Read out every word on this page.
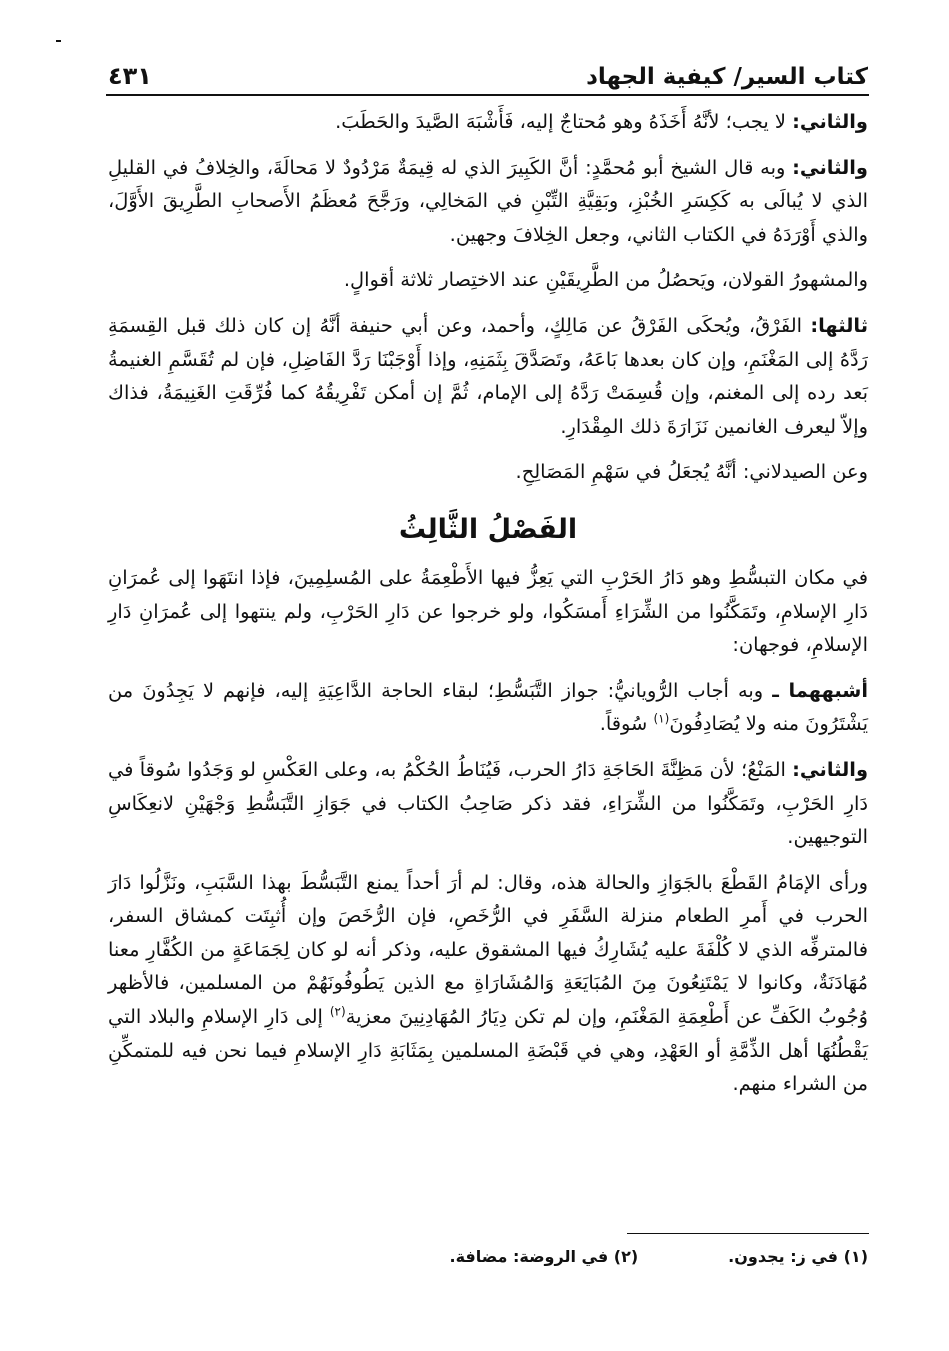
كتاب السير/ كيفية الجهاد
٤٣١

والثاني: لا يجب؛ لأنَّهُ أَخَذَهُ وهو مُحتاجٌ إليه، فَأَشْبَهَ الصَّيدَ والحَطَبَ.

والثاني: وبه قال الشيخ أبو مُحمَّدٍ: أنَّ الكَبِيرَ الذي له قِيمَةٌ مَرْدُودٌ لا مَحالَةَ، والخِلافُ في القليلِ الذي لا يُبالَى به كَكِسَرِ الخُبْزِ، وبَقِيَّةِ التِّبْنِ في المَخالِي، ورَجَّحَ مُعظَمُ الأَصحابِ الطَّرِيقَ الأَوَّلَ، والذي أَوْرَدَهُ في الكتاب الثاني، وجعل الخِلافَ وجهين.

والمشهورُ القولان، ويَحصُلُ من الطَّرِيقَيْنِ عند الاختِصار ثلاثة أقوالٍ.

ثالثها: الفَرْقُ، ويُحكَى الفَرْقُ عن مَالِكٍ، وأحمد، وعن أبي حنيفة أنَّهُ إن كان ذلك قبل القِسمَةِ رَدَّهُ إلى المَغْنَمِ، وإن كان بعدها بَاعَهُ، وتَصَدَّقَ بِثَمَنِهِ، وإذا أَوْجَبْنَا رَدَّ الفَاضِلِ، فإن لم تُقَسَّمِ الغنيمةُ بَعد رده إلى المغنم، وإن قُسِمَتْ رَدَّهُ إلى الإمام، ثُمَّ إن أمكن تَفْرِيقُهُ كما فُرِّقَتِ الغَنِيمَةُ، فذاك وإلاّ ليعرف الغانمين نَزَارَةَ ذلك المِقْدَارِ.

وعن الصيدلاني: أنَّهُ يُجعَلُ في سَهْمِ المَصَالِحِ.

الفَصْلُ الثَّالِثُ

في مكان التبسُّطِ وهو دَارُ الحَرْبِ التي يَعِزُّ فيها الأَطْعِمَةُ على المُسلِمِينَ، فإذا انتَهَوا إلى عُمرَانِ دَارِ الإسلامِ، وتَمَكَّنُوا من الشِّرَاءِ أَمسَكُوا، ولو خرجوا عن دَارِ الحَرْبِ، ولم ينتهوا إلى عُمرَانِ دَارِ الإسلامِ، فوجهان:

أشبههما ـ وبه أجاب الرُّويانيُّ: جواز التَّبَسُّطِ؛ لبقاء الحاجة الدَّاعِيَةِ إليه، فإنهم لا يَجِدُونَ من يَشْتَرُونَ منه ولا يُصَادِفُونَ$^{(١)}$ سُوقاً.

والثاني: المَنْعُ؛ لأن مَظِنَّةَ الحَاجَةِ دَارُ الحرب، فَيُنَاطُ الحُكْمُ به، وعلى العَكْسِ لو وَجَدُوا سُوقاً في دَارِ الحَرْبِ، وتَمَكَّنُوا من الشِّرَاءِ، فقد ذكر صَاحِبُ الكتاب في جَوَازِ التَّبَسُّطِ وَجْهَيْنِ لانعِكَاسِ التوجيهين.

ورأى الإمَامُ القَطْعَ بالجَوَازِ والحالة هذه، وقال: لم أرَ أحداً يمنع التَّبَسُّطَ بهذا السَّبَبِ، ونَزَّلُوا دَارَ الحرب في أَمرِ الطعام منزلة السَّفَرِ في الرُّخَصِ، فإن الرُّخَصَ وإن أُثبِتَت كمشاق السفر، فالمترفِّه الذي لا كُلْفَةَ عليه يُشَارِكُ فيها المشقوق عليه، وذكر أنه لو كان لِجَمَاعَةٍ من الكُفَّارِ معنا مُهَادَنَةٌ، وكانوا لا يَمْتَنِعُونَ مِنَ المُبَايَعَةِ وَالمُشَارَاةِ مع الذين يَطُوفُونَهُمْ من المسلمين، فالأظهر وُجُوبُ الكَفِّ عن أَطْعِمَةِ المَغْنَمِ، وإن لم تكن دِيَارُ المُهَادِنِينَ معزية$^{(٢)}$ إلى دَارِ الإسلامِ والبلاد التي يَقْطُنُهَا أهل الذِّمَّةِ أو العَهْدِ، وهي في قَبْضَةِ المسلمين بِمَثَابَةِ دَارِ الإسلامِ فيما نحن فيه للمتمكِّنِ من الشراء منهم.

(١) في ز: يجدون.
(٢) في الروضة: مضافة.
